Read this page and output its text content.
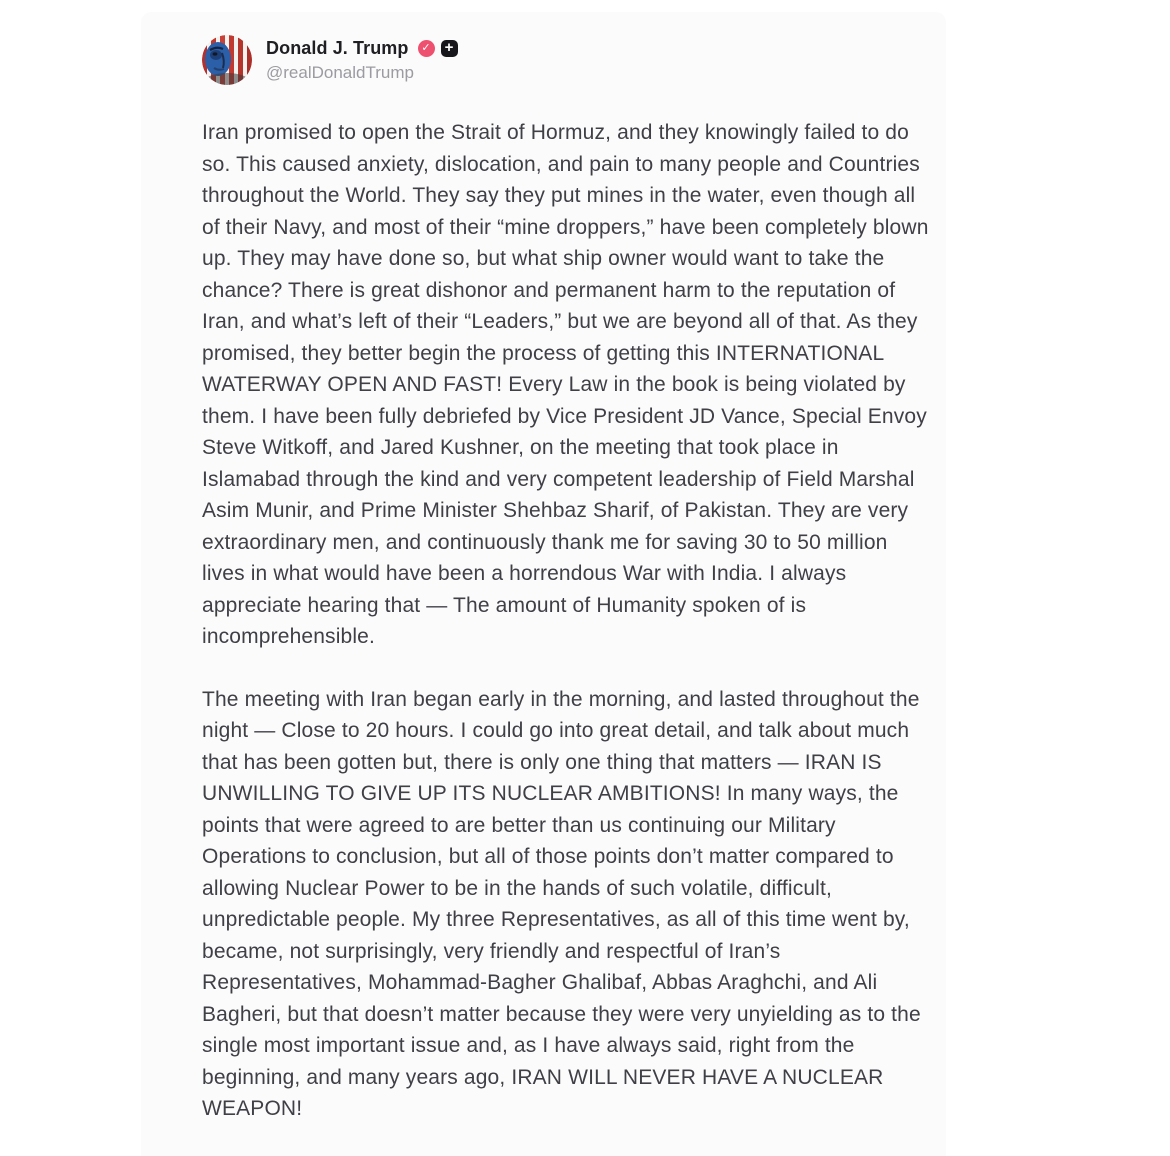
Donald J. Trump	✓ +
@realDonaldTrump

Iran promised to open the Strait of Hormuz, and they knowingly failed to do so. This caused anxiety, dislocation, and pain to many people and Countries throughout the World. They say they put mines in the water, even though all of their Navy, and most of their “mine droppers,” have been completely blown up. They may have done so, but what ship owner would want to take the chance? There is great dishonor and permanent harm to the reputation of Iran, and what’s left of their “Leaders,” but we are beyond all of that. As they promised, they better begin the process of getting this INTERNATIONAL WATERWAY OPEN AND FAST! Every Law in the book is being violated by them. I have been fully debriefed by Vice President JD Vance, Special Envoy Steve Witkoff, and Jared Kushner, on the meeting that took place in Islamabad through the kind and very competent leadership of Field Marshal Asim Munir, and Prime Minister Shehbaz Sharif, of Pakistan. They are very extraordinary men, and continuously thank me for saving 30 to 50 million lives in what would have been a horrendous War with India. I always appreciate hearing that — The amount of Humanity spoken of is incomprehensible.

The meeting with Iran began early in the morning, and lasted throughout the night — Close to 20 hours. I could go into great detail, and talk about much that has been gotten but, there is only one thing that matters — IRAN IS UNWILLING TO GIVE UP ITS NUCLEAR AMBITIONS! In many ways, the points that were agreed to are better than us continuing our Military Operations to conclusion, but all of those points don’t matter compared to allowing Nuclear Power to be in the hands of such volatile, difficult, unpredictable people. My three Representatives, as all of this time went by, became, not surprisingly, very friendly and respectful of Iran’s Representatives, Mohammad-Bagher Ghalibaf, Abbas Araghchi, and Ali Bagheri, but that doesn’t matter because they were very unyielding as to the single most important issue and, as I have always said, right from the beginning, and many years ago, IRAN WILL NEVER HAVE A NUCLEAR WEAPON!
